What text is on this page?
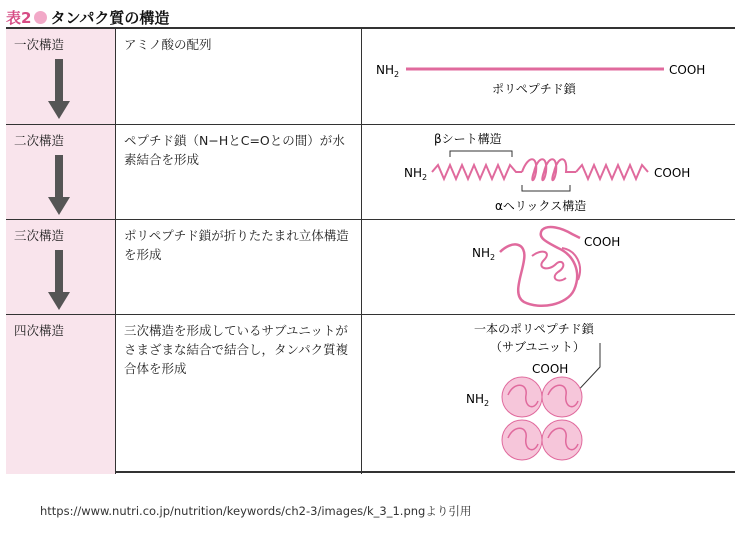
表2 タンパク質の構造
一次構造	アミノ酸の配列
$NH_2$	COOH
ポリペプチド鎖
二次構造	ペプチド鎖（N−HとC=Oとの間）が水素結合を形成
βシート構造
$NH_2$	COOH
αヘリックス構造
三次構造	ポリペプチド鎖が折りたたまれ立体構造を形成	$NH_2$
COOH
四次構造	三次構造を形成しているサブユニットがさまざまな結合で結合し，タンパク質複合体を形成
一本のポリペプチド鎖
（サブユニット）
COOH
$NH_2$
https://www.nutri.co.jp/nutrition/keywords/ch2-3/images/k_3_1.pngより引用
